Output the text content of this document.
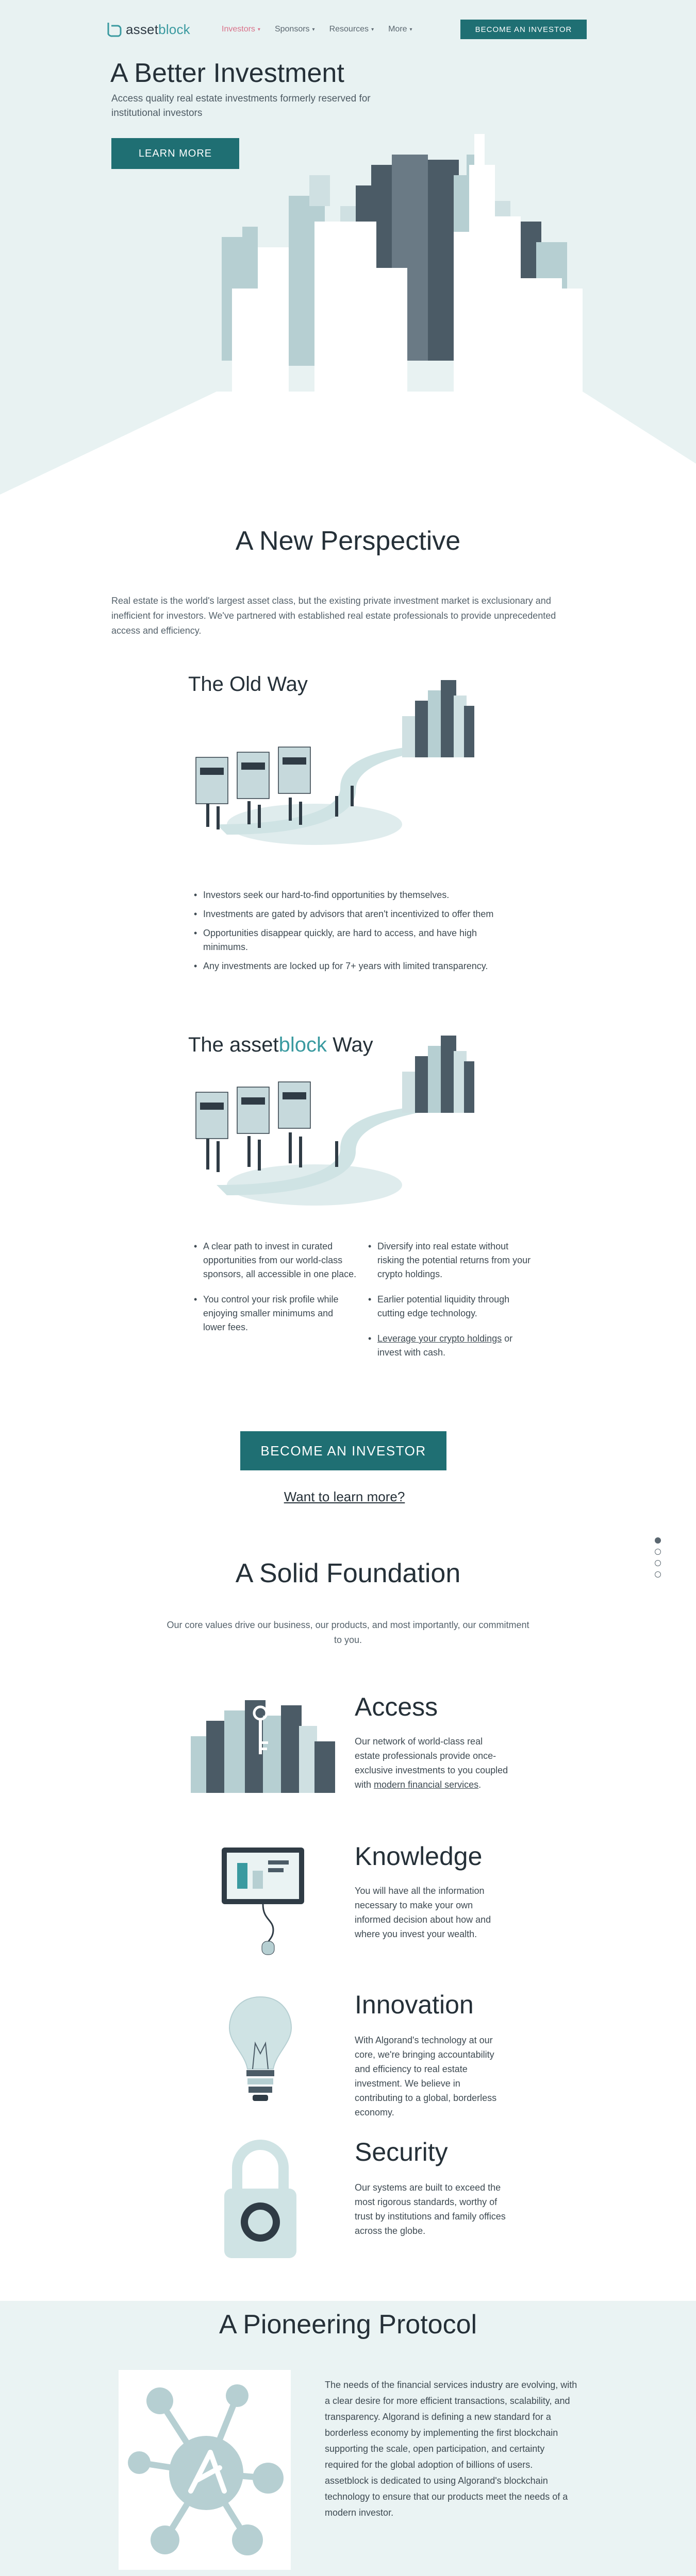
assetblock	Investors ▾ Sponsors ▾ Resources ▾ More ▾	BECOME AN INVESTOR
A Better Investment
Access quality real estate investments formerly reserved for institutional investors
LEARN MORE
A New Perspective
Real estate is the world's largest asset class, but the existing private investment market is exclusionary and inefficient for investors. We've partnered with established real estate professionals to provide unprecedented access and efficiency.
The Old Way
• Investors seek our hard-to-find opportunities by themselves.
• Investments are gated by advisors that aren't incentivized to offer them
• Opportunities disappear quickly, are hard to access, and have high minimums.
• Any investments are locked up for 7+ years with limited transparency.
The assetblock Way
• A clear path to invest in curated opportunities from our world-class sponsors, all accessible in one place.
• You control your risk profile while enjoying smaller minimums and lower fees.
• Diversify into real estate without risking the potential returns from your crypto holdings.
• Earlier potential liquidity through cutting edge technology.
• Leverage your crypto holdings or invest with cash.
BECOME AN INVESTOR
Want to learn more?
A Solid Foundation
Our core values drive our business, our products, and most importantly, our commitment to you.
Access
Our network of world-class real estate professionals provide once-exclusive investments to you coupled with modern financial services.
Knowledge
You will have all the information necessary to make your own informed decision about how and where you invest your wealth.
Innovation
With Algorand's technology at our core, we're bringing accountability and efficiency to real estate investment. We believe in contributing to a global, borderless economy.
Security
Our systems are built to exceed the most rigorous standards, worthy of trust by institutions and family offices across the globe.
A Pioneering Protocol
The needs of the financial services industry are evolving, with a clear desire for more efficient transactions, scalability, and transparency. Algorand is defining a new standard for a borderless economy by implementing the first blockchain supporting the scale, open participation, and certainty required for the global adoption of billions of users. assetblock is dedicated to using Algorand's blockchain technology to ensure that our products meet the needs of a modern investor.
